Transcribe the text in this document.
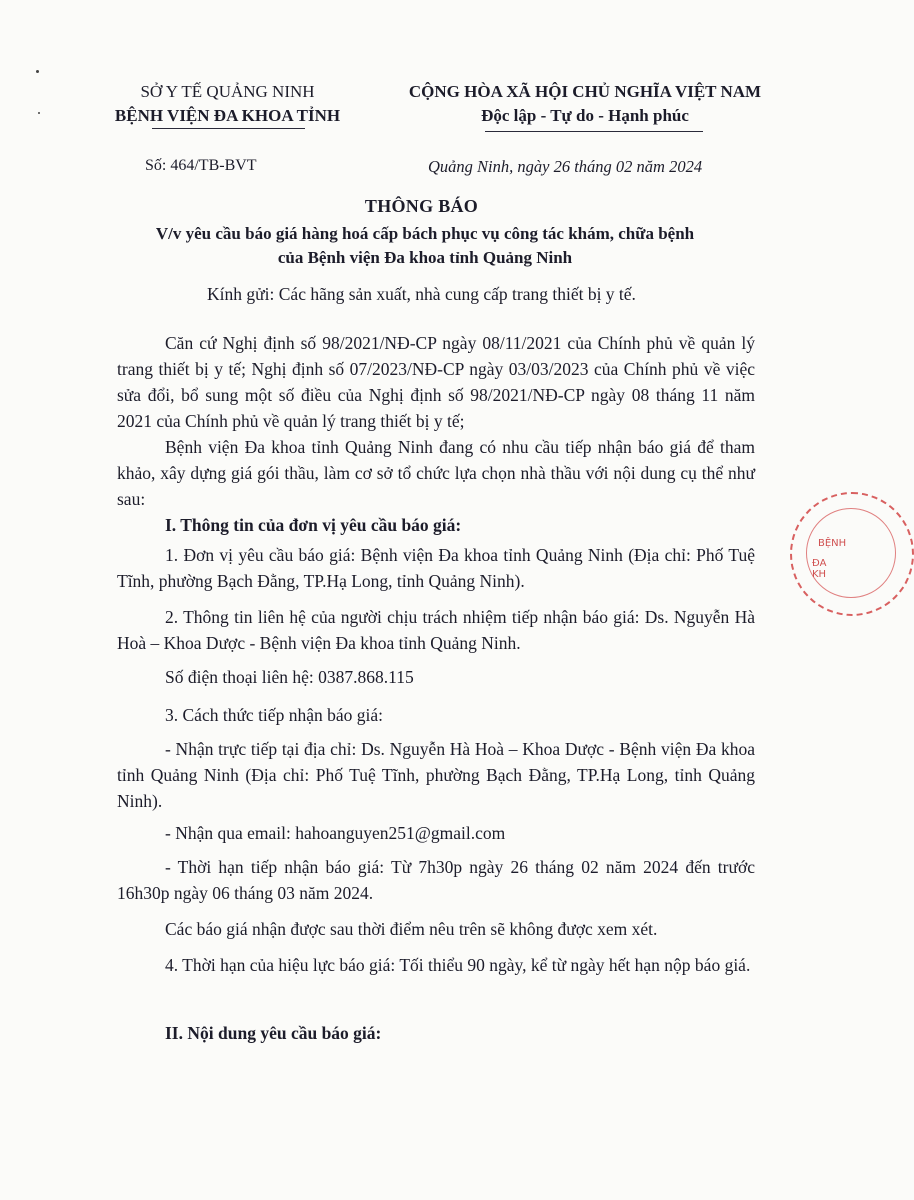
SỞ Y TẾ QUẢNG NINH
BỆNH VIỆN ĐA KHOA TỈNH
CỘNG HÒA XÃ HỘI CHỦ NGHĨA VIỆT NAM
Độc lập - Tự do - Hạnh phúc
Số: 464/TB-BVT	Quảng Ninh, ngày 26 tháng 02 năm 2024
THÔNG BÁO
V/v yêu cầu báo giá hàng hoá cấp bách phục vụ công tác khám, chữa bệnh
của Bệnh viện Đa khoa tỉnh Quảng Ninh
Kính gửi: Các hãng sản xuất, nhà cung cấp trang thiết bị y tế.

Căn cứ Nghị định số 98/2021/NĐ-CP ngày 08/11/2021 của Chính phủ về quản lý trang thiết bị y tế; Nghị định số 07/2023/NĐ-CP ngày 03/03/2023 của Chính phủ về việc sửa đổi, bổ sung một số điều của Nghị định số 98/2021/NĐ-CP ngày 08 tháng 11 năm 2021 của Chính phủ về quản lý trang thiết bị y tế;

Bệnh viện Đa khoa tỉnh Quảng Ninh đang có nhu cầu tiếp nhận báo giá để tham khảo, xây dựng giá gói thầu, làm cơ sở tổ chức lựa chọn nhà thầu với nội dung cụ thể như sau:

I. Thông tin của đơn vị yêu cầu báo giá:

1. Đơn vị yêu cầu báo giá: Bệnh viện Đa khoa tỉnh Quảng Ninh (Địa chỉ: Phố Tuệ Tĩnh, phường Bạch Đằng, TP.Hạ Long, tỉnh Quảng Ninh).

2. Thông tin liên hệ của người chịu trách nhiệm tiếp nhận báo giá: Ds. Nguyễn Hà Hoà – Khoa Dược - Bệnh viện Đa khoa tỉnh Quảng Ninh.

Số điện thoại liên hệ: 0387.868.115

3. Cách thức tiếp nhận báo giá:

- Nhận trực tiếp tại địa chỉ: Ds. Nguyễn Hà Hoà – Khoa Dược - Bệnh viện Đa khoa tỉnh Quảng Ninh (Địa chỉ: Phố Tuệ Tĩnh, phường Bạch Đằng, TP.Hạ Long, tỉnh Quảng Ninh).

- Nhận qua email: hahoanguyen251@gmail.com

- Thời hạn tiếp nhận báo giá: Từ 7h30p ngày 26 tháng 02 năm 2024 đến trước 16h30p ngày 06 tháng 03 năm 2024.

Các báo giá nhận được sau thời điểm nêu trên sẽ không được xem xét.

4. Thời hạn của hiệu lực báo giá: Tối thiểu 90 ngày, kể từ ngày hết hạn nộp báo giá.

II. Nội dung yêu cầu báo giá:

BỆNH
ĐA KH
